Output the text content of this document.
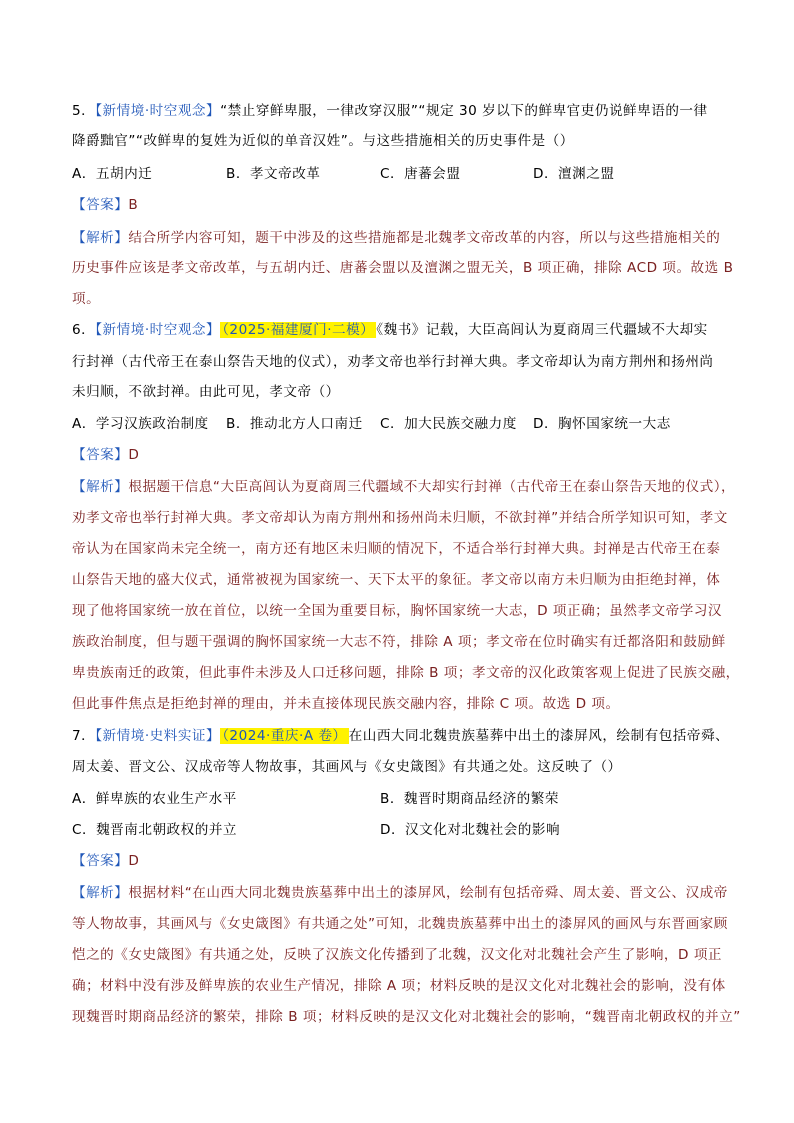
5．【新情境·时空观念】“禁止穿鲜卑服，一律改穿汉服”“规定 30 岁以下的鲜卑官吏仍说鲜卑语的一律
降爵黜官”“改鲜卑的复姓为近似的单音汉姓”。与这些措施相关的历史事件是（）
A．五胡内迁	B．孝文帝改革	C．唐蕃会盟	D．澶渊之盟
【答案】B
【解析】结合所学内容可知，题干中涉及的这些措施都是北魏孝文帝改革的内容，所以与这些措施相关的
历史事件应该是孝文帝改革，与五胡内迁、唐蕃会盟以及澶渊之盟无关，B 项正确，排除 ACD 项。故选 B
项。
6．【新情境·时空观念】 （2025·福建厦门·二模） 《魏书》记载，大臣高闾认为夏商周三代疆域不大却实
行封禅（古代帝王在泰山祭告天地的仪式），劝孝文帝也举行封禅大典。孝文帝却认为南方荆州和扬州尚
未归顺，不欲封禅。由此可见，孝文帝（）
A．学习汉族政治制度 B．推动北方人口南迁 C．加大民族交融力度 D．胸怀国家统一大志
【答案】D
【解析】根据题干信息“大臣高闾认为夏商周三代疆域不大却实行封禅（古代帝王在泰山祭告天地的仪式），
劝孝文帝也举行封禅大典。孝文帝却认为南方荆州和扬州尚未归顺，不欲封禅”并结合所学知识可知，孝文
帝认为在国家尚未完全统一，南方还有地区未归顺的情况下，不适合举行封禅大典。封禅是古代帝王在泰
山祭告天地的盛大仪式，通常被视为国家统一、天下太平的象征。孝文帝以南方未归顺为由拒绝封禅，体
现了他将国家统一放在首位，以统一全国为重要目标，胸怀国家统一大志，D 项正确；虽然孝文帝学习汉
族政治制度，但与题干强调的胸怀国家统一大志不符，排除 A 项；孝文帝在位时确实有迁都洛阳和鼓励鲜
卑贵族南迁的政策，但此事件未涉及人口迁移问题，排除 B 项；孝文帝的汉化政策客观上促进了民族交融，
但此事件焦点是拒绝封禅的理由，并未直接体现民族交融内容，排除 C 项。故选 D 项。
7．【新情境·史料实证】 （2024·重庆·A 卷） 在山西大同北魏贵族墓葬中出土的漆屏风，绘制有包括帝舜、
周太姜、晋文公、汉成帝等人物故事，其画风与《女史箴图》有共通之处。这反映了（）
A．鲜卑族的农业生产水平	B．魏晋时期商品经济的繁荣
C．魏晋南北朝政权的并立	D．汉文化对北魏社会的影响
【答案】D
【解析】根据材料“在山西大同北魏贵族墓葬中出土的漆屏风，绘制有包括帝舜、周太姜、晋文公、汉成帝
等人物故事，其画风与《女史箴图》有共通之处”可知，北魏贵族墓葬中出土的漆屏风的画风与东晋画家顾
恺之的《女史箴图》有共通之处，反映了汉族文化传播到了北魏，汉文化对北魏社会产生了影响，D 项正
确；材料中没有涉及鲜卑族的农业生产情况，排除 A 项；材料反映的是汉文化对北魏社会的影响，没有体
现魏晋时期商品经济的繁荣，排除 B 项；材料反映的是汉文化对北魏社会的影响，“魏晋南北朝政权的并立”
